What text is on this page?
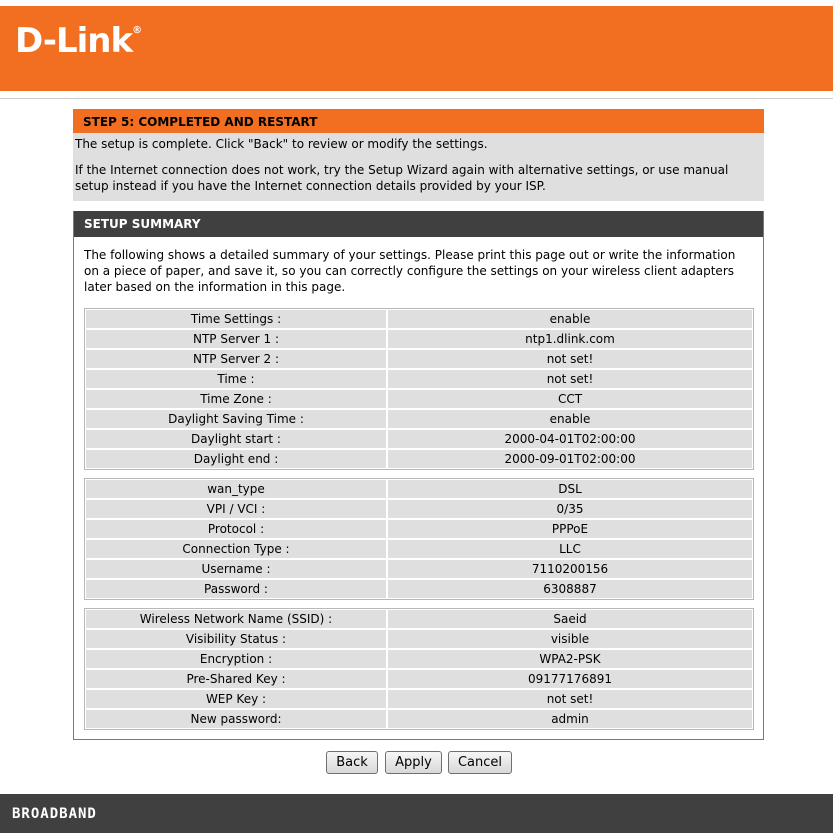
D-Link®
STEP 5: COMPLETED AND RESTART

The setup is complete. Click "Back" to review or modify the settings.

If the Internet connection does not work, try the Setup Wizard again with alternative settings, or use manual setup instead if you have the Internet connection details provided by your ISP.

SETUP SUMMARY
The following shows a detailed summary of your settings. Please print this page out or write the information on a piece of paper, and save it, so you can correctly configure the settings on your wireless client adapters later based on the information in this page.
Time Settings :	enable
NTP Server 1 :	ntp1.dlink.com
NTP Server 2 :	not set!
Time :	not set!
Time Zone :	CCT
Daylight Saving Time :	enable
Daylight start :	2000-04-01T02:00:00
Daylight end :	2000-09-01T02:00:00
wan_type	DSL
VPI / VCI :	0/35
Protocol :	PPPoE
Connection Type :	LLC
Username :	7110200156
Password :	6308887
Wireless Network Name (SSID) :	Saeid
Visibility Status :	visible
Encryption :	WPA2-PSK
Pre-Shared Key :	09177176891
WEP Key :	not set!
New password:	admin
Back	Apply	Cancel
BROADBAND
